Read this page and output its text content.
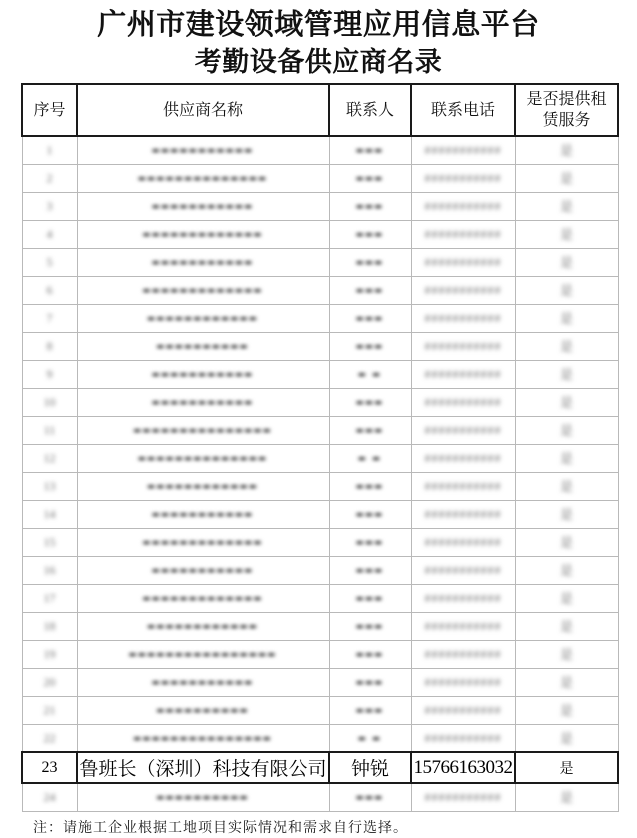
广州市建设领域管理应用信息平台
考勤设备供应商名录
序号	供应商名称	联系人	联系电话	是否提供租赁服务
1	■■■■■■■■■■■	■■■	###########	是
2	■■■■■■■■■■■■■■	■■■	###########	是
3	■■■■■■■■■■■	■■■	###########	是
4	■■■■■■■■■■■■■	■■■	###########	是
5	■■■■■■■■■■■	■■■	###########	是
6	■■■■■■■■■■■■■	■■■	###########	是
7	■■■■■■■■■■■■	■■■	###########	是
8	■■■■■■■■■■	■■■	###########	是
9	■■■■■■■■■■■	■ ■	###########	是
10	■■■■■■■■■■■	■■■	###########	是
11	■■■■■■■■■■■■■■■	■■■	###########	是
12	■■■■■■■■■■■■■■	■ ■	###########	是
13	■■■■■■■■■■■■	■■■	###########	是
14	■■■■■■■■■■■	■■■	###########	是
15	■■■■■■■■■■■■■	■■■	###########	是
16	■■■■■■■■■■■	■■■	###########	是
17	■■■■■■■■■■■■■	■■■	###########	是
18	■■■■■■■■■■■■	■■■	###########	是
19	■■■■■■■■■■■■■■■■	■■■	###########	是
20	■■■■■■■■■■■	■■■	###########	是
21	■■■■■■■■■■	■■■	###########	是
22	■■■■■■■■■■■■■■■	■ ■	###########	是
23	鲁班长（深圳）科技有限公司	钟锐	15766163032	是
24	■■■■■■■■■■	■■■	###########	是
注：请施工企业根据工地项目实际情况和需求自行选择。
